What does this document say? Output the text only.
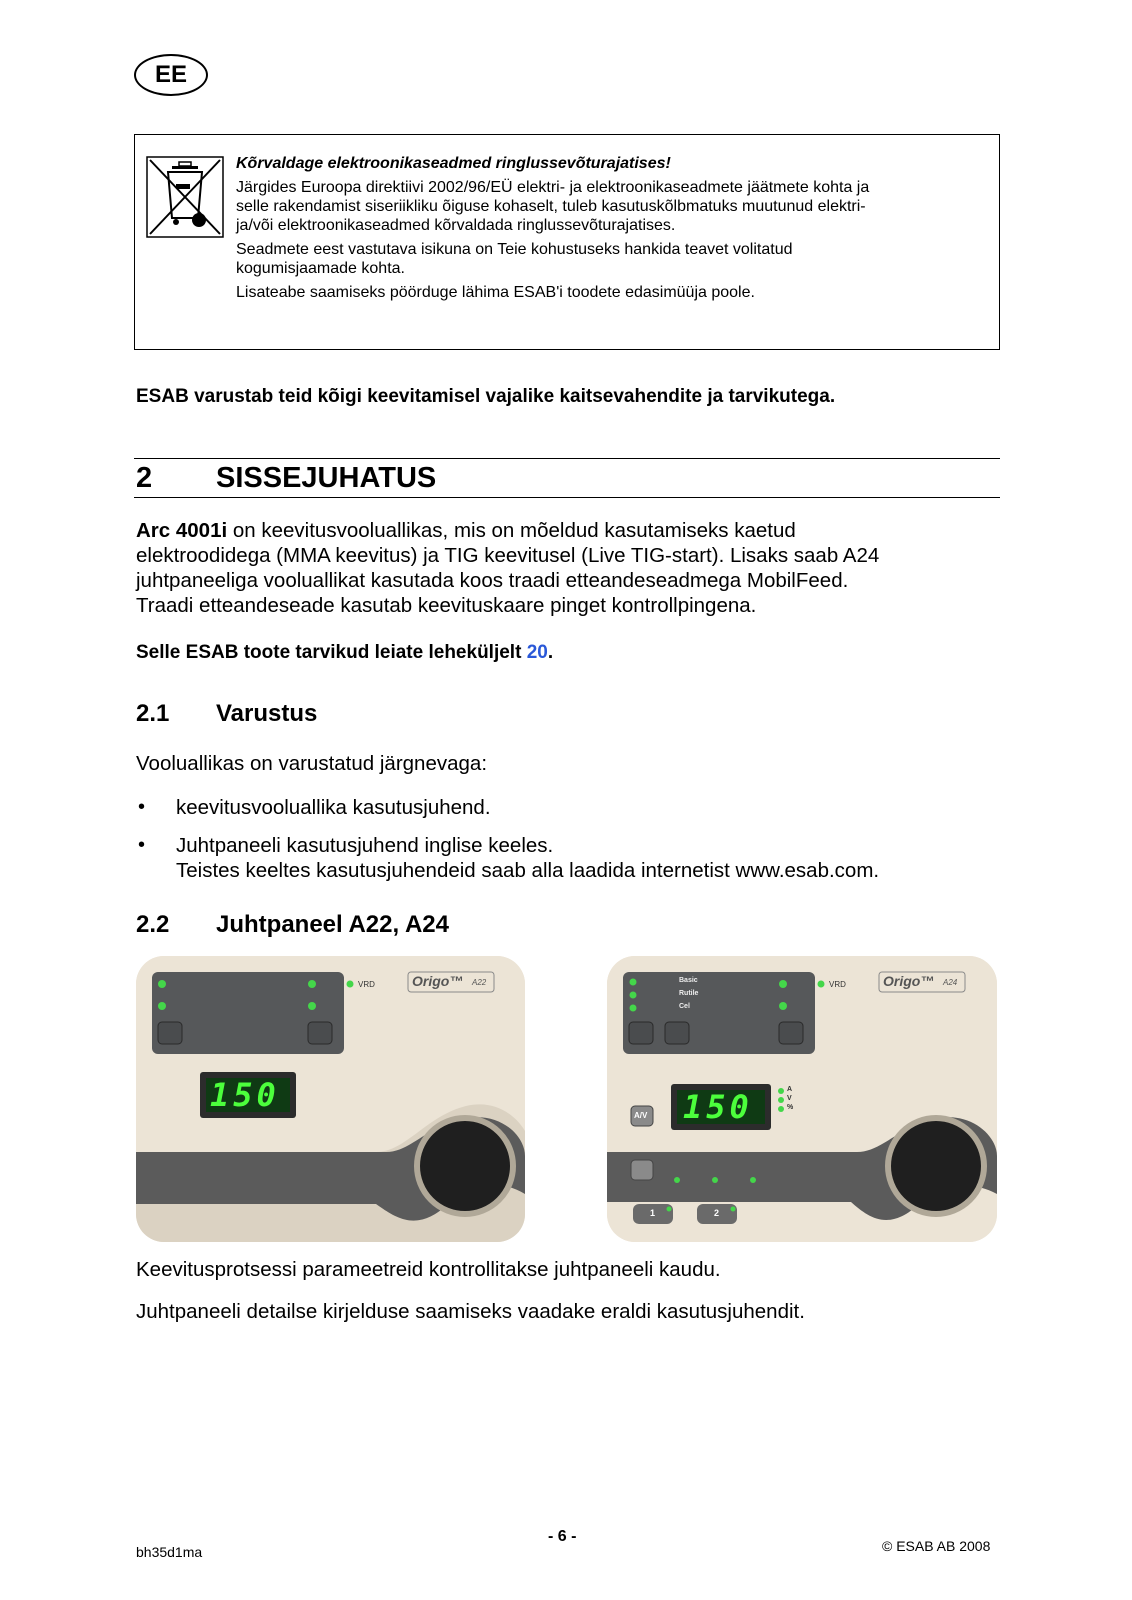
EE

Kõrvaldage elektroonikaseadmed ringlussevõturajatises!

Järgides Euroopa direktiivi 2002/96/EÜ elektri- ja elektroonikaseadmete jäätmete kohta ja
selle rakendamist siseriikliku õiguse kohaselt, tuleb kasutuskõlbmatuks muutunud elektri-
ja/või elektroonikaseadmed kõrvaldada ringlussevõturajatises.

Seadmete eest vastutava isikuna on Teie kohustuseks hankida teavet volitatud
kogumisjaamade kohta.

Lisateabe saamiseks pöörduge lähima ESAB'i toodete edasimüüja poole.

ESAB varustab teid kõigi keevitamisel vajalike kaitsevahendite ja tarvikutega.
2 SISSEJUHATUS
Arc 4001i on keevitusvooluallikas, mis on mõeldud kasutamiseks kaetud
elektroodidega (MMA keevitus) ja TIG keevitusel (Live TIG-start). Lisaks saab A24
juhtpaneeliga vooluallikat kasutada koos traadi etteandeseadmega MobilFeed.
Traadi etteandeseade kasutab keevituskaare pinget kontrollpingena.
Selle ESAB toote tarvikud leiate leheküljelt 20.
2.1 Varustus
Vooluallikas on varustatud järgnevaga:
• keevitusvooluallika kasutusjuhend.
• Juhtpaneeli kasutusjuhend inglise keeles.
Teistes keeltes kasutusjuhendeid saab alla laadida internetist www.esab.com.
2.2 Juhtpaneel A22, A24
VRD	Origo™ A22
150
Basic
Rutile
Cel
VRD	Origo™ A24
150	A
V
%
A/V
1	2
Keevitusprotsessi parameetreid kontrollitakse juhtpaneeli kaudu.
Juhtpaneeli detailse kirjelduse saamiseks vaadake eraldi kasutusjuhendit.
- 6 -
bh35d1ma	© ESAB AB 2008
